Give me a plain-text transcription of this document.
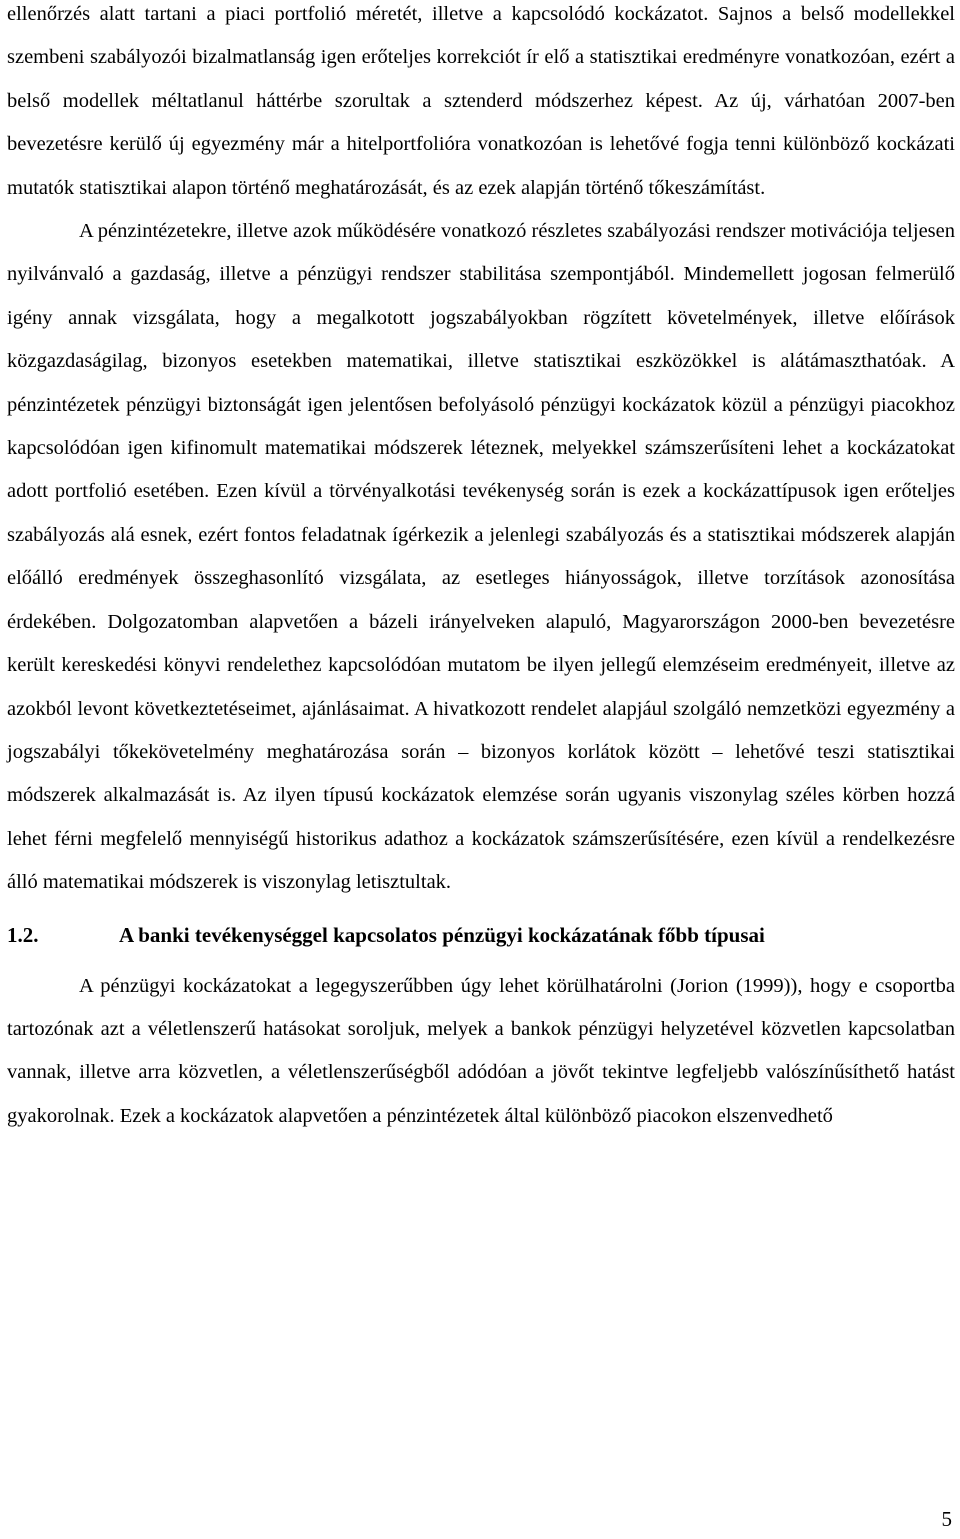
ellenőrzés alatt tartani a piaci portfolió méretét, illetve a kapcsolódó kockázatot. Sajnos a belső modellekkel szembeni szabályozói bizalmatlanság igen erőteljes korrekciót ír elő a statisztikai eredményre vonatkozóan, ezért a belső modellek méltatlanul háttérbe szorultak a sztenderd módszerhez képest. Az új, várhatóan 2007-ben bevezetésre kerülő új egyezmény már a hitelportfolióra vonatkozóan is lehetővé fogja tenni különböző kockázati mutatók statisztikai alapon történő meghatározását, és az ezek alapján történő tőkeszámítást.

A pénzintézetekre, illetve azok működésére vonatkozó részletes szabályozási rendszer motivációja teljesen nyilvánvaló a gazdaság, illetve a pénzügyi rendszer stabilitása szempontjából. Mindemellett jogosan felmerülő igény annak vizsgálata, hogy a megalkotott jogszabályokban rögzített követelmények, illetve előírások közgazdaságilag, bizonyos esetekben matematikai, illetve statisztikai eszközökkel is alátámaszthatóak. A pénzintézetek pénzügyi biztonságát igen jelentősen befolyásoló pénzügyi kockázatok közül a pénzügyi piacokhoz kapcsolódóan igen kifinomult matematikai módszerek léteznek, melyekkel számszerűsíteni lehet a kockázatokat adott portfolió esetében. Ezen kívül a törvényalkotási tevékenység során is ezek a kockázattípusok igen erőteljes szabályozás alá esnek, ezért fontos feladatnak ígérkezik a jelenlegi szabályozás és a statisztikai módszerek alapján előálló eredmények összeghasonlító vizsgálata, az esetleges hiányosságok, illetve torzítások azonosítása érdekében. Dolgozatomban alapvetően a bázeli irányelveken alapuló, Magyarországon 2000-ben bevezetésre került kereskedési könyvi rendelethez kapcsolódóan mutatom be ilyen jellegű elemzéseim eredményeit, illetve az azokból levont következtetéseimet, ajánlásaimat. A hivatkozott rendelet alapjául szolgáló nemzetközi egyezmény a jogszabályi tőkekövetelmény meghatározása során – bizonyos korlátok között – lehetővé teszi statisztikai módszerek alkalmazását is. Az ilyen típusú kockázatok elemzése során ugyanis viszonylag széles körben hozzá lehet férni megfelelő mennyiségű historikus adathoz a kockázatok számszerűsítésére, ezen kívül a rendelkezésre álló matematikai módszerek is viszonylag letisztultak.

1.2.	A banki tevékenységgel kapcsolatos pénzügyi kockázatának főbb típusai

A pénzügyi kockázatokat a legegyszerűbben úgy lehet körülhatárolni (Jorion (1999)), hogy e csoportba tartozónak azt a véletlenszerű hatásokat soroljuk, melyek a bankok pénzügyi helyzetével közvetlen kapcsolatban vannak, illetve arra közvetlen, a véletlenszerűségből adódóan a jövőt tekintve legfeljebb valószínűsíthető hatást gyakorolnak. Ezek a kockázatok alapvetően a pénzintézetek által különböző piacokon elszenvedhető

5
